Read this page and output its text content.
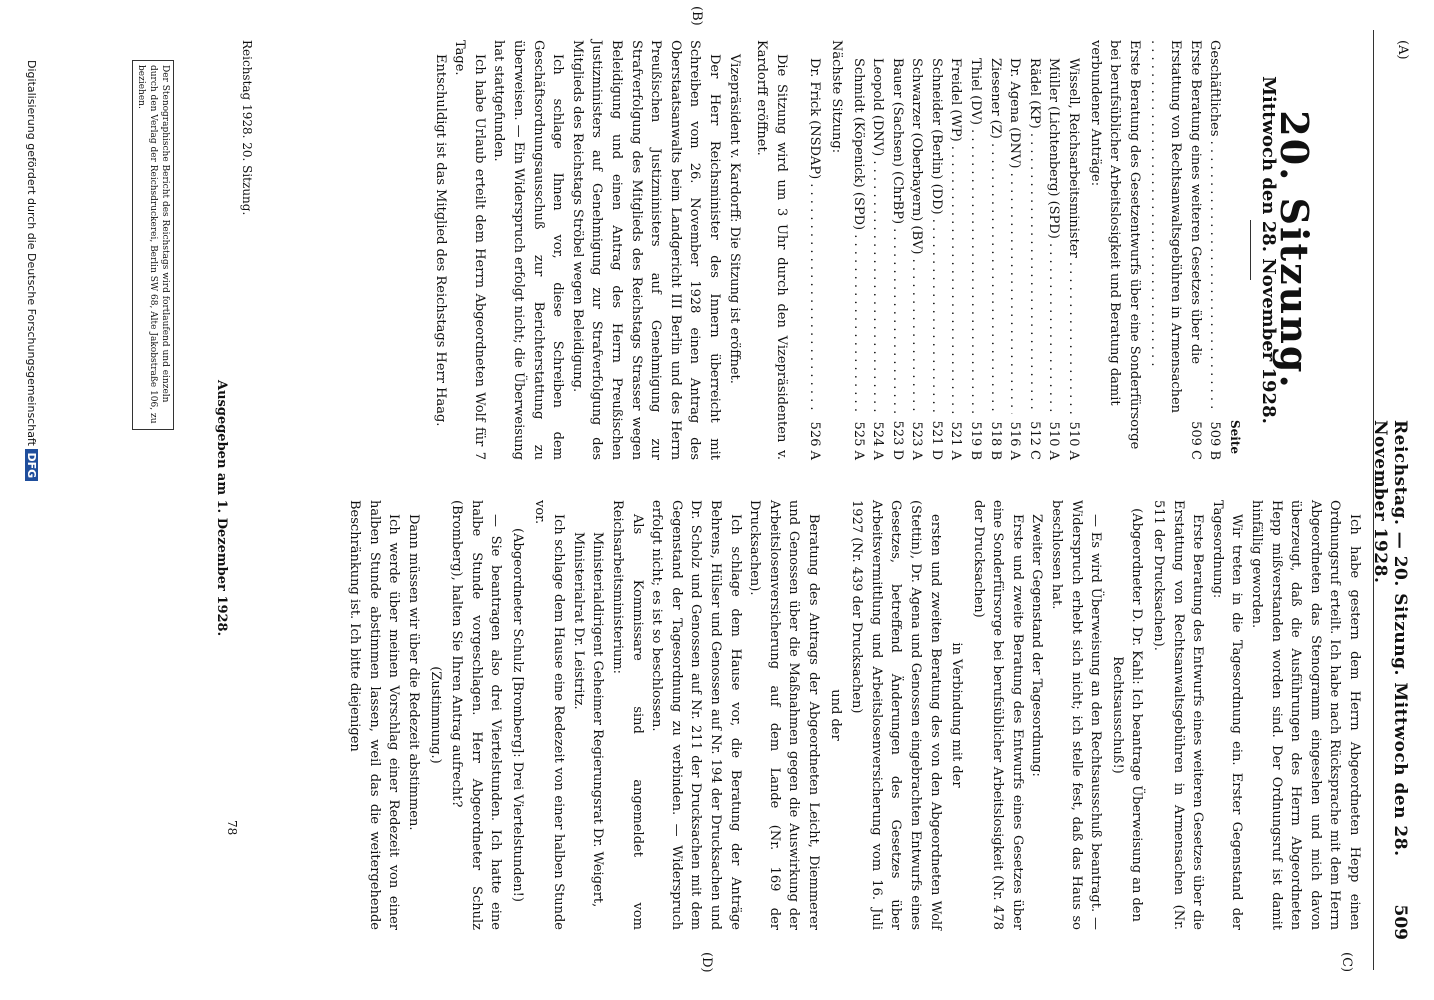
(A)
Reichstag. — 20. Sitzung. Mittwoch den 28. November 1928.
509
(B)
(C)
(D)
20. Sitzung.
Mittwoch den 28. November 1928.
Seite
Geschäftliches . . .
509 B
Erste Beratung eines weiteren Gesetzes über die Erstattung von Rechtsanwaltsgebühren in Armensachen . . .
509 C
Erste Beratung des Gesetzentwurfs über eine Sonderfürsorge bei berufsüblicher Arbeitslosigkeit und Beratung damit verbundener Anträge:
Wissell, Reichsarbeitsminister . . .
510 A
Müller (Lichtenberg) (SPD) . . .
510 A
Rädel (KP) . . .
512 C
Dr. Agena (DNV) . . .
516 A
Ziesener (Z) . . .
518 B
Thiel (DV) . . .
519 B
Freidel (WP) . . .
521 A
Schneider (Berlin) (DD) . . .
521 D
Schwarzer (Oberbayern) (BV) . . .
523 A
Bauer (Sachsen) (ChrBP) . . .
523 D
Leopold (DNV) . . .
524 A
Schmidt (Köpenick) (SPD) . . .
525 A
Nächste Sitzung:
Dr. Frick (NSDAP) . . .
526 A

Die Sitzung wird um 3 Uhr durch den Vizepräsidenten v. Kardorff eröffnet.

Vizepräsident v. Kardorff: Die Sitzung ist eröffnet.

Der Herr Reichsminister des Innern überreicht mit Schreiben vom 26. November 1928 einen Antrag des Oberstaatsanwalts beim Landgericht III Berlin und des Herrn Preußischen Justizministers auf Genehmigung zur Strafverfolgung des Mitglieds des Reichstags Strasser wegen Beleidigung und einen Antrag des Herrn Preußischen Justizministers auf Genehmigung zur Strafverfolgung des Mitglieds des Reichstags Ströbel wegen Beleidigung.

Ich schlage Ihnen vor, diese Schreiben dem Geschäftsordnungsausschuß zur Berichterstattung zu überweisen. — Ein Widerspruch erfolgt nicht; die Überweisung hat stattgefunden.

Ich habe Urlaub erteilt dem Herrn Abgeordneten Wolf für 7 Tage.

Entschuldigt ist das Mitglied des Reichstags Herr Haag.

Ich habe gestern dem Herrn Abgeordneten Hepp einen Ordnungsruf erteilt. Ich habe nach Rücksprache mit dem Herrn Abgeordneten das Stenogramm eingesehen und mich davon überzeugt, daß die Ausführungen des Herrn Abgeordneten Hepp mißverstanden worden sind. Der Ordnungsruf ist damit hinfällig geworden.

Wir treten in die Tagesordnung ein. Erster Gegenstand der Tagesordnung:

Erste Beratung des Entwurfs eines weiteren Gesetzes über die Erstattung von Rechtsanwaltsgebühren in Armensachen (Nr. 511 der Drucksachen).

(Abgeordneter D. Dr. Kahl: Ich beantrage Überweisung an den Rechtsausschuß!)

— Es wird Überweisung an den Rechtsausschuß beantragt. — Widerspruch erhebt sich nicht; ich stelle fest, daß das Haus so beschlossen hat.

Zweiter Gegenstand der Tagesordnung:

Erste und zweite Beratung des Entwurfs eines Gesetzes über eine Sonderfürsorge bei berufsüblicher Arbeitslosigkeit (Nr. 478 der Drucksachen)

in Verbindung mit der

ersten und zweiten Beratung des von den Abgeordneten Wolf (Stettin), Dr. Agena und Genossen eingebrachten Entwurfs eines Gesetzes, betreffend Änderungen des Gesetzes über Arbeitsvermittlung und Arbeitslosenversicherung vom 16. Juli 1927 (Nr. 439 der Drucksachen)

und der

Beratung des Antrags der Abgeordneten Leicht, Diemmerer und Genossen über die Maßnahmen gegen die Auswirkung der Arbeitslosenversicherung auf dem Lande (Nr. 169 der Drucksachen).

Ich schlage dem Hause vor, die Beratung der Anträge Behrens, Hülser und Genossen auf Nr. 194 der Drucksachen und Dr. Scholz und Genossen auf Nr. 211 der Drucksachen mit dem Gegenstand der Tagesordnung zu verbinden. — Widerspruch erfolgt nicht; es ist so beschlossen.

Als Kommissare sind angemeldet vom Reichsarbeitsministerium:

Ministerialdirigent Geheimer Regierungsrat Dr. Weigert,

Ministerialrat Dr. Leistritz.

Ich schlage dem Hause eine Redezeit von einer halben Stunde vor.

(Abgeordneter Schulz [Bromberg]: Drei Viertelstunden!)

— Sie beantragen also drei Viertelstunden. Ich hatte eine halbe Stunde vorgeschlagen. Herr Abgeordneter Schulz (Bromberg), halten Sie Ihren Antrag aufrecht?

(Zustimmung.)

Dann müssen wir über die Redezeit abstimmen.

Ich werde über meinen Vorschlag einer Redezeit von einer halben Stunde abstimmen lassen, weil das die weitergehende Beschränkung ist. Ich bitte diejenigen

Reichstag 1928. 20. Sitzung.
Ausgegeben am 1. Dezember 1928.
78
Der Stenographische Bericht des Reichstags wird fortlaufend und einzeln durch den Verlag der Reichsdruckerei, Berlin SW 68, Alte Jakobstraße 106, zu beziehen.
Digitalisierung gefördert durch die Deutsche Forschungsgemeinschaft DFG
